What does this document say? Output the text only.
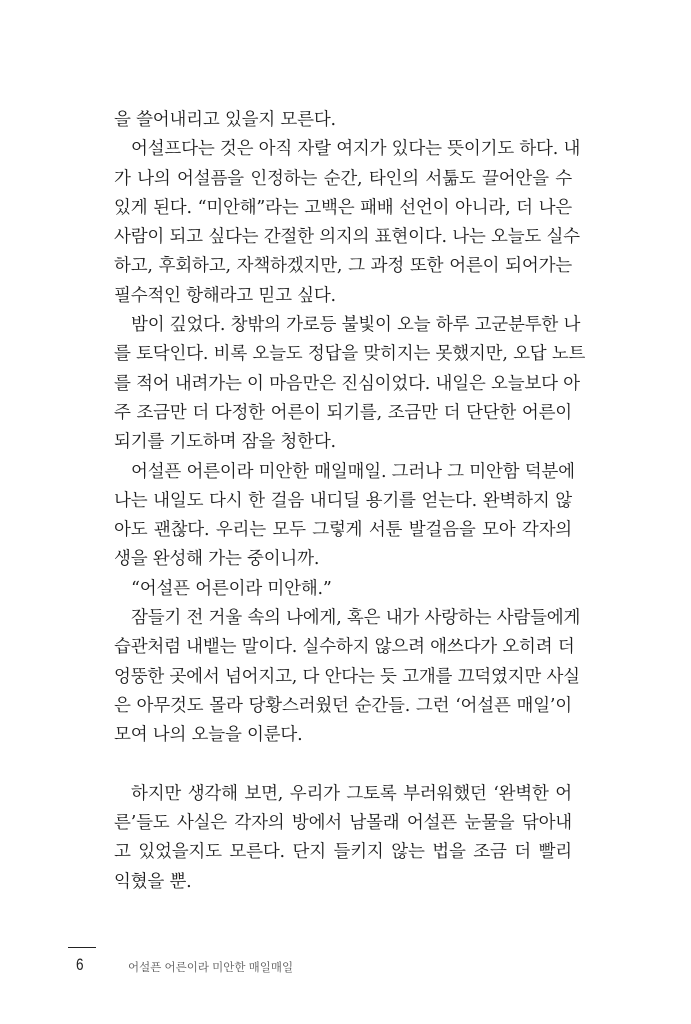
을 쓸어내리고 있을지 모른다.
어설프다는 것은 아직 자랄 여지가 있다는 뜻이기도 하다. 내
가 나의 어설픔을 인정하는 순간, 타인의 서툶도 끌어안을 수
있게 된다. “미안해”라는 고백은 패배 선언이 아니라, 더 나은
사람이 되고 싶다는 간절한 의지의 표현이다. 나는 오늘도 실수
하고, 후회하고, 자책하겠지만, 그 과정 또한 어른이 되어가는
필수적인 항해라고 믿고 싶다.
밤이 깊었다. 창밖의 가로등 불빛이 오늘 하루 고군분투한 나
를 토닥인다. 비록 오늘도 정답을 맞히지는 못했지만, 오답 노트
를 적어 내려가는 이 마음만은 진심이었다. 내일은 오늘보다 아
주 조금만 더 다정한 어른이 되기를, 조금만 더 단단한 어른이
되기를 기도하며 잠을 청한다.
어설픈 어른이라 미안한 매일매일. 그러나 그 미안함 덕분에
나는 내일도 다시 한 걸음 내디딜 용기를 얻는다. 완벽하지 않
아도 괜찮다. 우리는 모두 그렇게 서툰 발걸음을 모아 각자의
생을 완성해 가는 중이니까.
“어설픈 어른이라 미안해.”
잠들기 전 거울 속의 나에게, 혹은 내가 사랑하는 사람들에게
습관처럼 내뱉는 말이다. 실수하지 않으려 애쓰다가 오히려 더
엉뚱한 곳에서 넘어지고, 다 안다는 듯 고개를 끄덕였지만 사실
은 아무것도 몰라 당황스러웠던 순간들. 그런 ‘어설픈 매일’이
모여 나의 오늘을 이룬다.
하지만 생각해 보면, 우리가 그토록 부러워했던 ‘완벽한 어
른’들도 사실은 각자의 방에서 남몰래 어설픈 눈물을 닦아내
고 있었을지도 모른다. 단지 들키지 않는 법을 조금 더 빨리
익혔을 뿐.
6	어설픈 어른이라 미안한 매일매일
